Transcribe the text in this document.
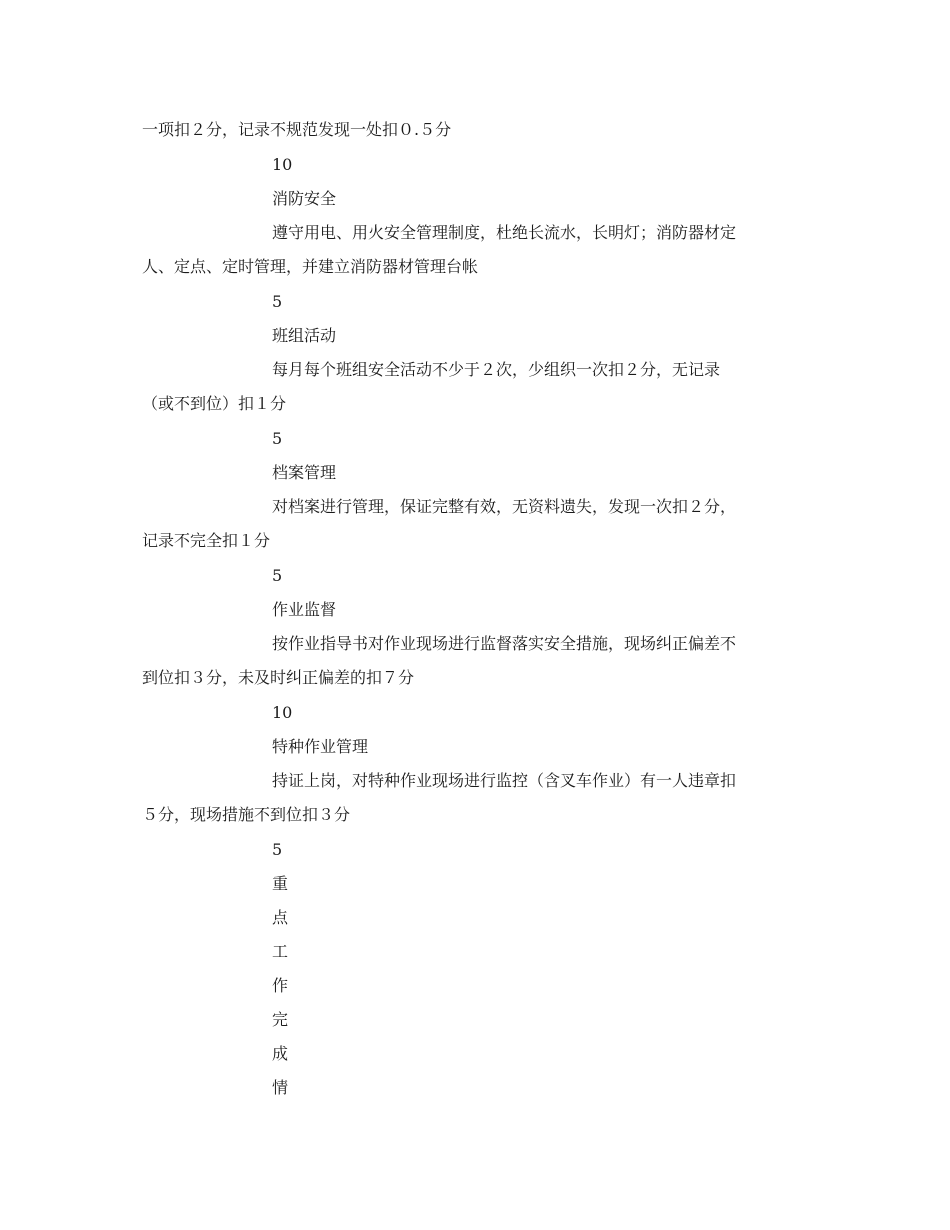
一项扣２分，记录不规范发现一处扣０.５分
10
消防安全
遵守用电、用火安全管理制度，杜绝长流水，长明灯；消防器材定
人、定点、定时管理，并建立消防器材管理台帐
5
班组活动
每月每个班组安全活动不少于２次，少组织一次扣２分，无记录
（或不到位）扣１分
5
档案管理
对档案进行管理，保证完整有效，无资料遗失，发现一次扣２分，
记录不完全扣１分
5
作业监督
按作业指导书对作业现场进行监督落实安全措施，现场纠正偏差不
到位扣３分，未及时纠正偏差的扣７分
10
特种作业管理
持证上岗，对特种作业现场进行监控（含叉车作业）有一人违章扣
５分，现场措施不到位扣３分
5
重
点
工
作
完
成
情
